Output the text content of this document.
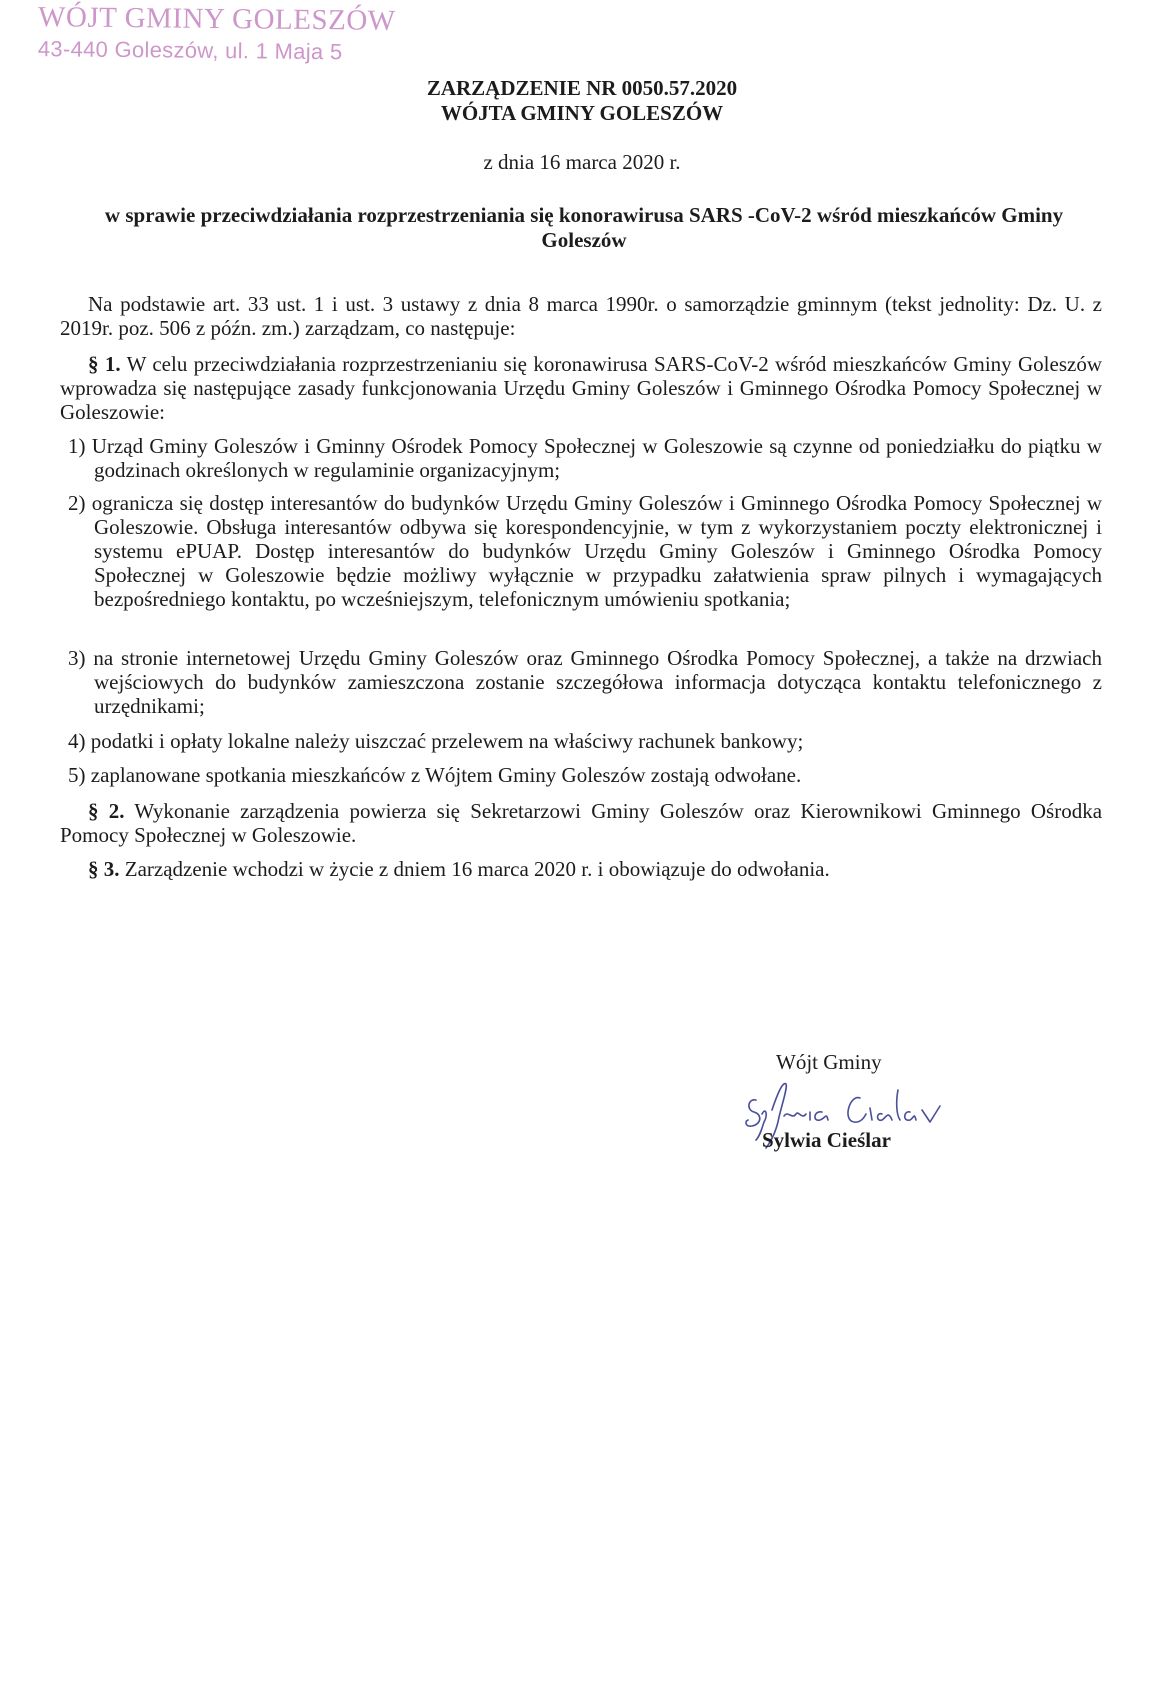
WÓJT GMINY GOLESZÓW
43-440 Goleszów, ul. 1 Maja 5
ZARZĄDZENIE NR 0050.57.2020
WÓJTA GMINY GOLESZÓW
z dnia 16 marca 2020 r.
w sprawie przeciwdziałania rozprzestrzeniania się konorawirusa SARS -CoV-2 wśród mieszkańców Gminy Goleszów
Na podstawie art. 33 ust. 1 i ust. 3 ustawy z dnia 8 marca 1990r. o samorządzie gminnym (tekst jednolity: Dz. U. z 2019r. poz. 506 z późn. zm.) zarządzam, co następuje:
§ 1. W celu przeciwdziałania rozprzestrzenianiu się koronawirusa SARS-CoV-2 wśród mieszkańców Gminy Goleszów wprowadza się następujące zasady funkcjonowania Urzędu Gminy Goleszów i Gminnego Ośrodka Pomocy Społecznej w Goleszowie:
1) Urząd Gminy Goleszów i Gminny Ośrodek Pomocy Społecznej w Goleszowie są czynne od poniedziałku do piątku w godzinach określonych w regulaminie organizacyjnym;
2) ogranicza się dostęp interesantów do budynków Urzędu Gminy Goleszów i Gminnego Ośrodka Pomocy Społecznej w Goleszowie. Obsługa interesantów odbywa się korespondencyjnie, w tym z wykorzystaniem poczty elektronicznej i systemu ePUAP. Dostęp interesantów do budynków Urzędu Gminy Goleszów i Gminnego Ośrodka Pomocy Społecznej w Goleszowie będzie możliwy wyłącznie w przypadku załatwienia spraw pilnych i wymagających bezpośredniego kontaktu, po wcześniejszym, telefonicznym umówieniu spotkania;
3) na stronie internetowej Urzędu Gminy Goleszów oraz Gminnego Ośrodka Pomocy Społecznej, a także na drzwiach wejściowych do budynków zamieszczona zostanie szczegółowa informacja dotycząca kontaktu telefonicznego z urzędnikami;
4) podatki i opłaty lokalne należy uiszczać przelewem na właściwy rachunek bankowy;
5) zaplanowane spotkania mieszkańców z Wójtem Gminy Goleszów zostają odwołane.
§ 2. Wykonanie zarządzenia powierza się Sekretarzowi Gminy Goleszów oraz Kierownikowi Gminnego Ośrodka Pomocy Społecznej w Goleszowie.
§ 3. Zarządzenie wchodzi w życie z dniem 16 marca 2020 r. i obowiązuje do odwołania.
Wójt Gminy
Sylwia Cieślar
